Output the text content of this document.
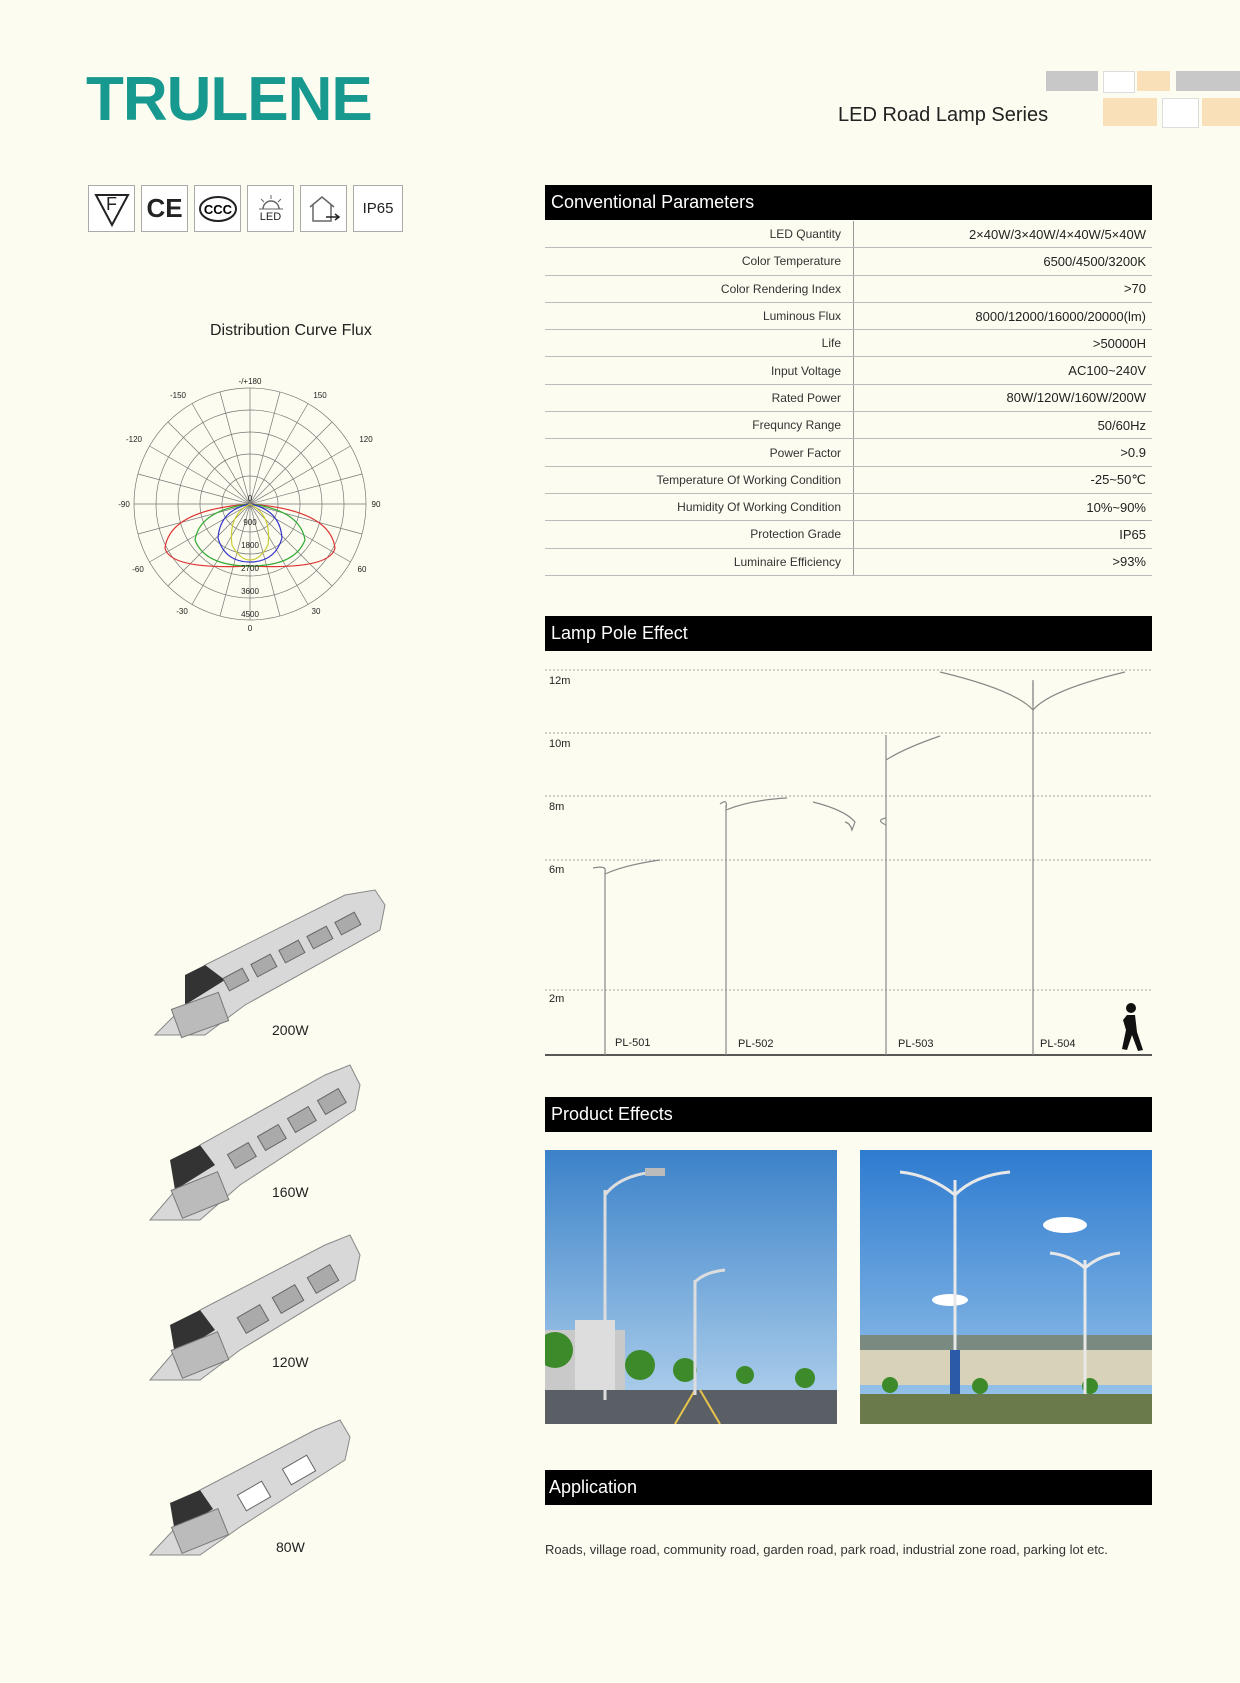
TRULENE	LED Road Lamp Series
F CE	CCC	LED	IP65
Distribution Curve Flux
-/+180
-150	150
-120	120
-90	90
-60	60
-30	30
0
0
900
1800
2700
3600
4500
200W
160W
120W
80W
Conventional Parameters
LED Quantity	2×40W/3×40W/4×40W/5×40W
Color Temperature	6500/4500/3200K
Color Rendering Index	>70
Luminous Flux	8000/12000/16000/20000(lm)
Life	>50000H
Input Voltage	AC100~240V
Rated Power	80W/120W/160W/200W
Frequncy Range	50/60Hz
Power Factor	>0.9
Temperature Of Working Condition	-25~50℃
Humidity Of Working Condition	10%~90%
Protection Grade	IP65
Luminaire Efficiency	>93%
Lamp Pole Effect
12m
10m
8m
6m
2m
PL-501	PL-502	PL-503	PL-504
Product Effects
Application
Roads, village road, community road, garden road, park road, industrial zone road, parking lot etc.
